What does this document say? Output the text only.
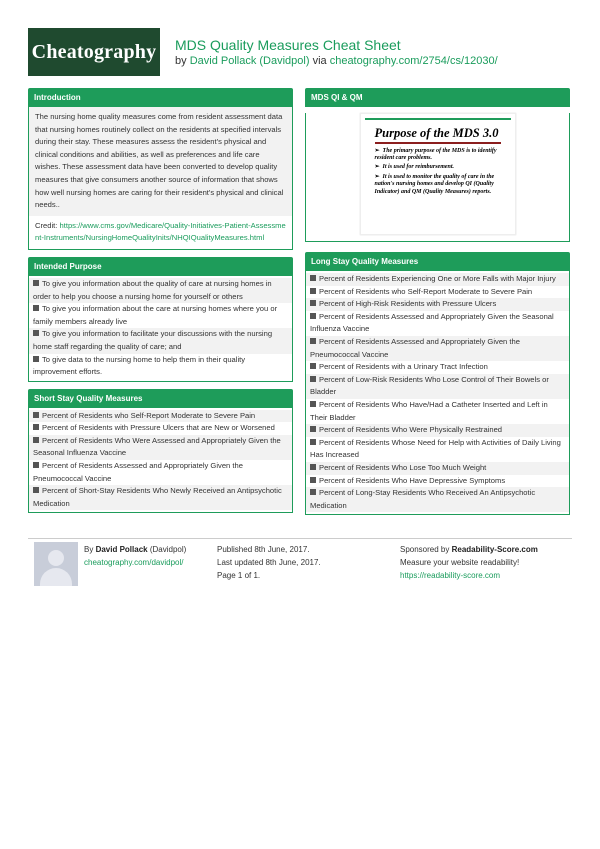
Cheatography MDS Quality Measures Cheat Sheet
by David Pollack (Davidpol) via cheatography.com/2754/cs/12030/
Introduction
The nursing home quality measures come from resident assessment data that nursing homes routinely collect on the residents at specified intervals during their stay. These measures assess the resident's physical and clinical conditions and abilities, as well as preferences and life care wishes. These assessment data have been converted to develop quality measures that give consumers another source of information that shows how well nursing homes are caring for their resident's physical and clinical needs..
Credit: https://www.cms.gov/Medicare/Quality-Initiatives-Patient-Assessment-Instruments/NursingHomeQualityInits/NHQIQualityMeasures.html
Intended Purpose
To give you information about the quality of care at nursing homes in order to help you choose a nursing home for yourself or others
To give you information about the care at nursing homes where you or family members already live
To give you information to facilitate your discussions with the nursing home staff regarding the quality of care; and
To give data to the nursing home to help them in their quality improvement efforts.
Short Stay Quality Measures
Percent of Residents who Self-Report Moderate to Severe Pain
Percent of Residents with Pressure Ulcers that are New or Worsened
Percent of Residents Who Were Assessed and Appropriately Given the Seasonal Influenza Vaccine
Percent of Residents Assessed and Appropriately Given the Pneumococcal Vaccine
Percent of Short-Stay Residents Who Newly Received an Antipsychotic Medication
MDS QI & QM
Purpose of the MDS 3.0
➢ The primary purpose of the MDS is to identify resident care problems.
➢ It is used for reimbursement.
➢ It is used to monitor the quality of care in the nation's nursing homes and develop QI (Quality Indicator) and QM (Quality Measures) reports.
Long Stay Quality Measures
Percent of Residents Experiencing One or More Falls with Major Injury
Percent of Residents who Self-Report Moderate to Severe Pain
Percent of High-Risk Residents with Pressure Ulcers
Percent of Residents Assessed and Appropriately Given the Seasonal Influenza Vaccine
Percent of Residents Assessed and Appropriately Given the Pneumococcal Vaccine
Percent of Residents with a Urinary Tract Infection
Percent of Low-Risk Residents Who Lose Control of Their Bowels or Bladder
Percent of Residents Who Have/Had a Catheter Inserted and Left in Their Bladder
Percent of Residents Who Were Physically Restrained
Percent of Residents Whose Need for Help with Activities of Daily Living Has Increased
Percent of Residents Who Lose Too Much Weight
Percent of Residents Who Have Depressive Symptoms
Percent of Long-Stay Residents Who Received An Antipsychotic Medication
By David Pollack (Davidpol)
cheatography.com/davidpol/
Published 8th June, 2017.
Last updated 8th June, 2017.
Page 1 of 1.
Sponsored by Readability-Score.com
Measure your website readability!
https://readability-score.com
